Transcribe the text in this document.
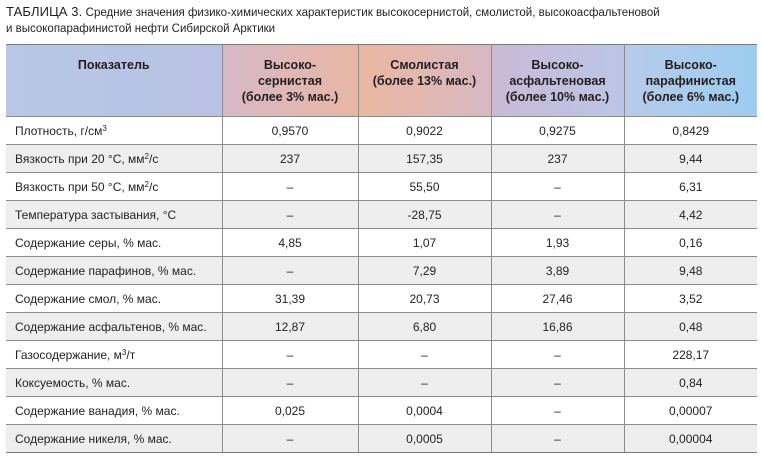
ТАБЛИЦА 3. Средние значения физико-химических характеристик высокосернистой, смолистой, высокоасфальтеновой
и высокопарафинистой нефти Сибирской Арктики
Показатель	Высоко-
сернистая
(более 3% мас.)	Смолистая
(более 13% мас.)	Высоко-
асфальтеновая
(более 10% мас.)	Высоко-
парафинистая
(более 6% мас.)

Плотность, $г/см^3$	0,9570	0,9022	0,9275	0,8429
Вязкость при 20 °С, $мм^2/с$	237	157,35	237	9,44
Вязкость при 50 °С, $мм^2/с$	–	55,50	–	6,31
Температура застывания, °С	–	-28,75	–	4,42
Содержание серы, % мас.	4,85	1,07	1,93	0,16
Содержание парафинов, % мас.	–	7,29	3,89	9,48
Содержание смол, % мас.	31,39	20,73	27,46	3,52
Содержание асфальтенов, % мас.	12,87	6,80	16,86	0,48
Газосодержание, $м^3/т$	–	–	–	228,17
Коксуемость, % мас.	–	–	–	0,84
Содержание ванадия, % мас.	0,025	0,0004	–	0,00007
Содержание никеля, % мас.	–	0,0005	–	0,00004
